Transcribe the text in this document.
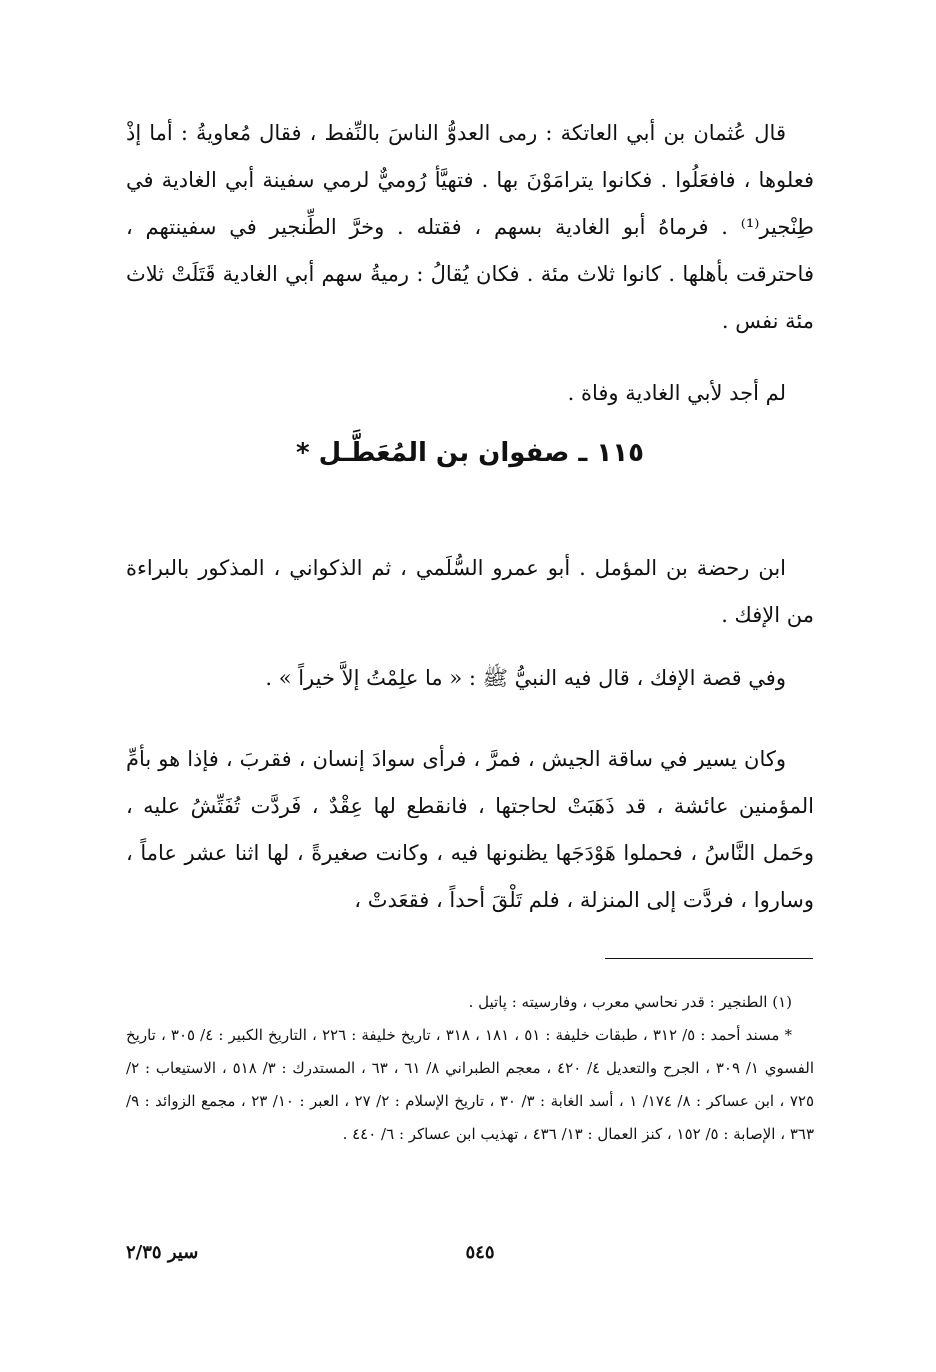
قال عُثمان بن أبي العاتكة : رمى العدوُّ الناسَ بالنِّفط ، فقال مُعاويةُ : أما إذْ فعلوها ، فافعَلُوا . فكانوا يترامَوْنَ بها . فتهيَّأ رُوميٌّ لرمي سفينة أبي الغادية في طِنْجير⁽¹⁾ . فرماهُ أبو الغادية بسهم ، فقتله . وخرَّ الطِّنجير في سفينتهم ، فاحترقت بأهلها . كانوا ثلاث مئة . فكان يُقالُ : رميةُ سهم أبي الغادية قَتَلَتْ ثلاث مئة نفس .

لم أجد لأبي الغادية وفاة .

١١٥ ـ صفوان بن المُعَطَّـل *

ابن رحضة بن المؤمل . أبو عمرو السُّلَمي ، ثم الذكواني ، المذكور بالبراءة من الإفك .

وفي قصة الإفك ، قال فيه النبيُّ ﷺ : « ما علِمْتُ إلاَّ خيراً » .

وكان يسير في ساقة الجيش ، فمرَّ ، فرأى سوادَ إنسان ، فقربَ ، فإذا هو بأمِّ المؤمنين عائشة ، قد ذَهَبَتْ لحاجتها ، فانقطع لها عِقْدٌ ، فَردَّت تُفَتِّشُ عليه ، وحَمل النَّاسُ ، فحملوا هَوْدَجَها يظنونها فيه ، وكانت صغيرةً ، لها اثنا عشر عاماً ، وساروا ، فردَّت إلى المنزلة ، فلم تَلْقَ أحداً ، فقعَدتْ ،

(١) الطنجير : قدر نحاسي معرب ، وفارسيته : پاتيل .

* مسند أحمد : ٥/ ٣١٢ ، طبقات خليفة : ٥١ ، ١٨١ ، ٣١٨ ، تاريخ خليفة : ٢٢٦ ، التاريخ الكبير : ٤/ ٣٠٥ ، تاريخ الفسوي ١/ ٣٠٩ ، الجرح والتعديل ٤/ ٤٢٠ ، معجم الطبراني ٨/ ٦١ ، ٦٣ ، المستدرك : ٣/ ٥١٨ ، الاستيعاب : ٢/ ٧٢٥ ، ابن عساكر : ٨/ ١٧٤/ ١ ، أسد الغابة : ٣/ ٣٠ ، تاريخ الإسلام : ٢/ ٢٧ ، العبر : ١٠/ ٢٣ ، مجمع الزوائد : ٩/ ٣٦٣ ، الإصابة : ٥/ ١٥٢ ، كنز العمال : ١٣/ ٤٣٦ ، تهذيب ابن عساكر : ٦/ ٤٤٠ .

٥٤٥
سير ٢/٣٥
